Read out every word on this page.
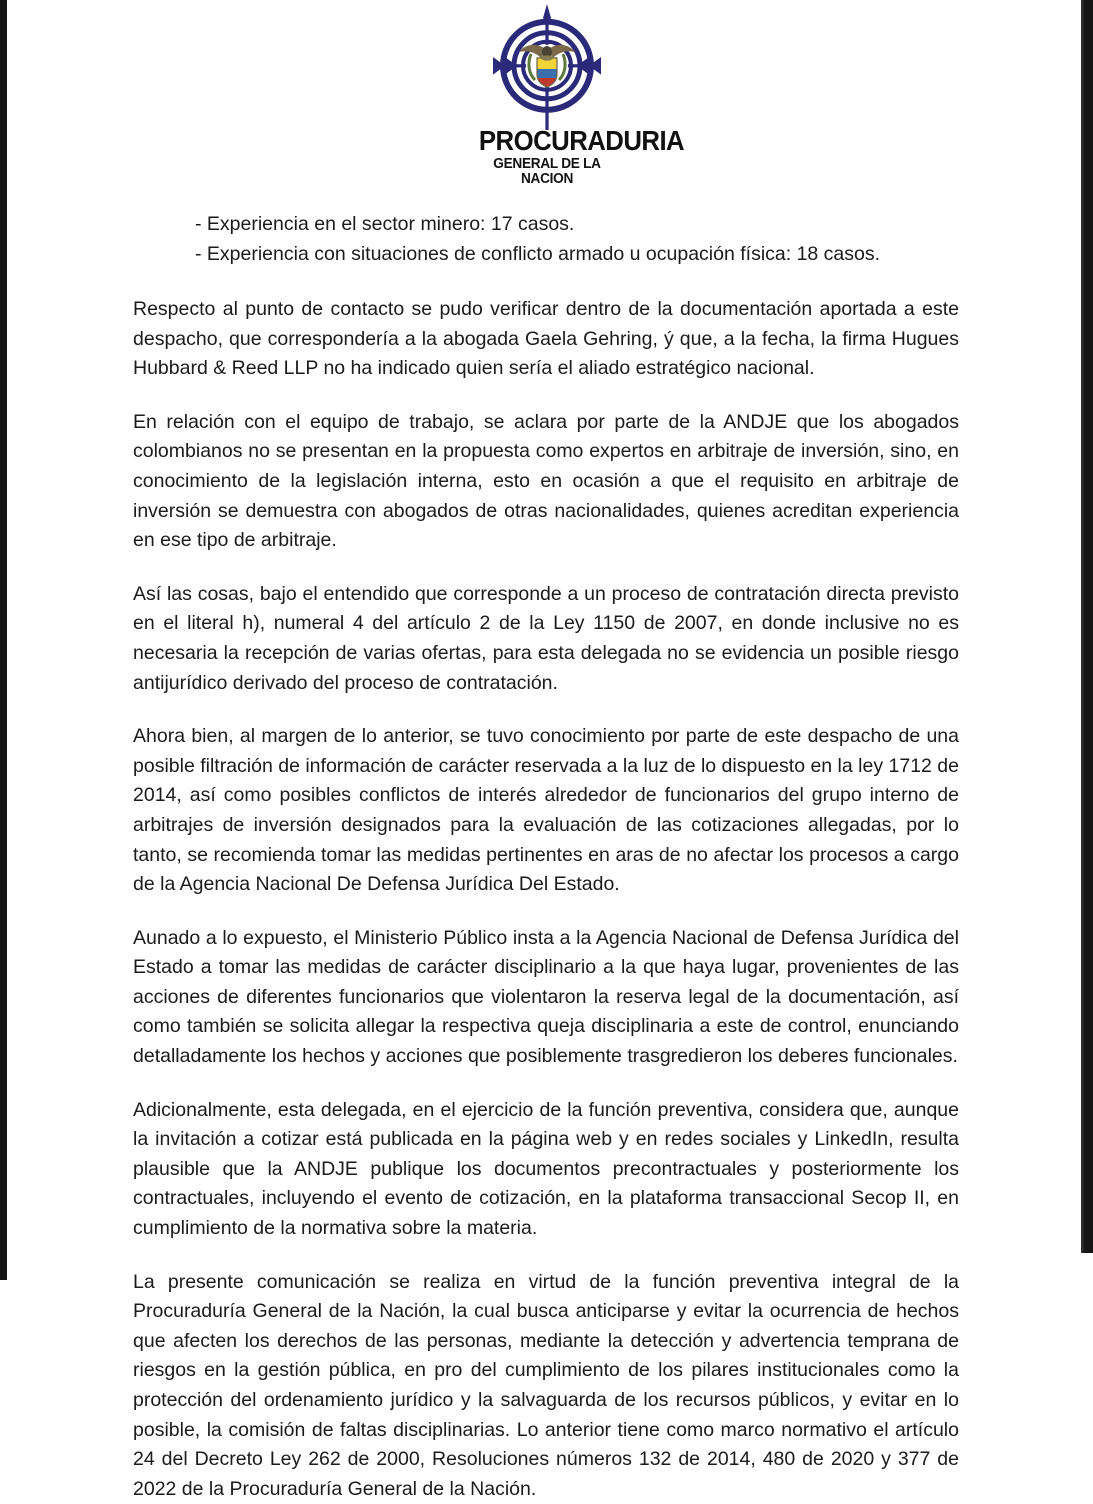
PROCURADURIA
GENERAL DE LA NACION
- Experiencia en el sector minero: 17 casos.
- Experiencia con situaciones de conflicto armado u ocupación física: 18 casos.

Respecto al punto de contacto se pudo verificar dentro de la documentación aportada a este despacho, que correspondería a la abogada Gaela Gehring, ý que, a la fecha, la firma Hugues Hubbard & Reed LLP no ha indicado quien sería el aliado estratégico nacional.

En relación con el equipo de trabajo, se aclara por parte de la ANDJE que los abogados colombianos no se presentan en la propuesta como expertos en arbitraje de inversión, sino, en conocimiento de la legislación interna, esto en ocasión a que el requisito en arbitraje de inversión se demuestra con abogados de otras nacionalidades, quienes acreditan experiencia en ese tipo de arbitraje.

Así las cosas, bajo el entendido que corresponde a un proceso de contratación directa previsto en el literal h), numeral 4 del artículo 2 de la Ley 1150 de 2007, en donde inclusive no es necesaria la recepción de varias ofertas, para esta delegada no se evidencia un posible riesgo antijurídico derivado del proceso de contratación.

Ahora bien, al margen de lo anterior, se tuvo conocimiento por parte de este despacho de una posible filtración de información de carácter reservada a la luz de lo dispuesto en la ley 1712 de 2014, así como posibles conflictos de interés alrededor de funcionarios del grupo interno de arbitrajes de inversión designados para la evaluación de las cotizaciones allegadas, por lo tanto, se recomienda tomar las medidas pertinentes en aras de no afectar los procesos a cargo de la Agencia Nacional De Defensa Jurídica Del Estado.

Aunado a lo expuesto, el Ministerio Público insta a la Agencia Nacional de Defensa Jurídica del Estado a tomar las medidas de carácter disciplinario a la que haya lugar, provenientes de las acciones de diferentes funcionarios que violentaron la reserva legal de la documentación, así como también se solicita allegar la respectiva queja disciplinaria a este de control, enunciando detalladamente los hechos y acciones que posiblemente trasgredieron los deberes funcionales.

Adicionalmente, esta delegada, en el ejercicio de la función preventiva, considera que, aunque la invitación a cotizar está publicada en la página web y en redes sociales y LinkedIn, resulta plausible que la ANDJE publique los documentos precontractuales y posteriormente los contractuales, incluyendo el evento de cotización, en la plataforma transaccional Secop II, en cumplimiento de la normativa sobre la materia.

La presente comunicación se realiza en virtud de la función preventiva integral de la Procuraduría General de la Nación, la cual busca anticiparse y evitar la ocurrencia de hechos que afecten los derechos de las personas, mediante la detección y advertencia temprana de riesgos en la gestión pública, en pro del cumplimiento de los pilares institucionales como la protección del ordenamiento jurídico y la salvaguarda de los recursos públicos, y evitar en lo posible, la comisión de faltas disciplinarias. Lo anterior tiene como marco normativo el artículo 24 del Decreto Ley 262 de 2000, Resoluciones números 132 de 2014, 480 de 2020 y 377 de 2022 de la Procuraduría General de la Nación.
